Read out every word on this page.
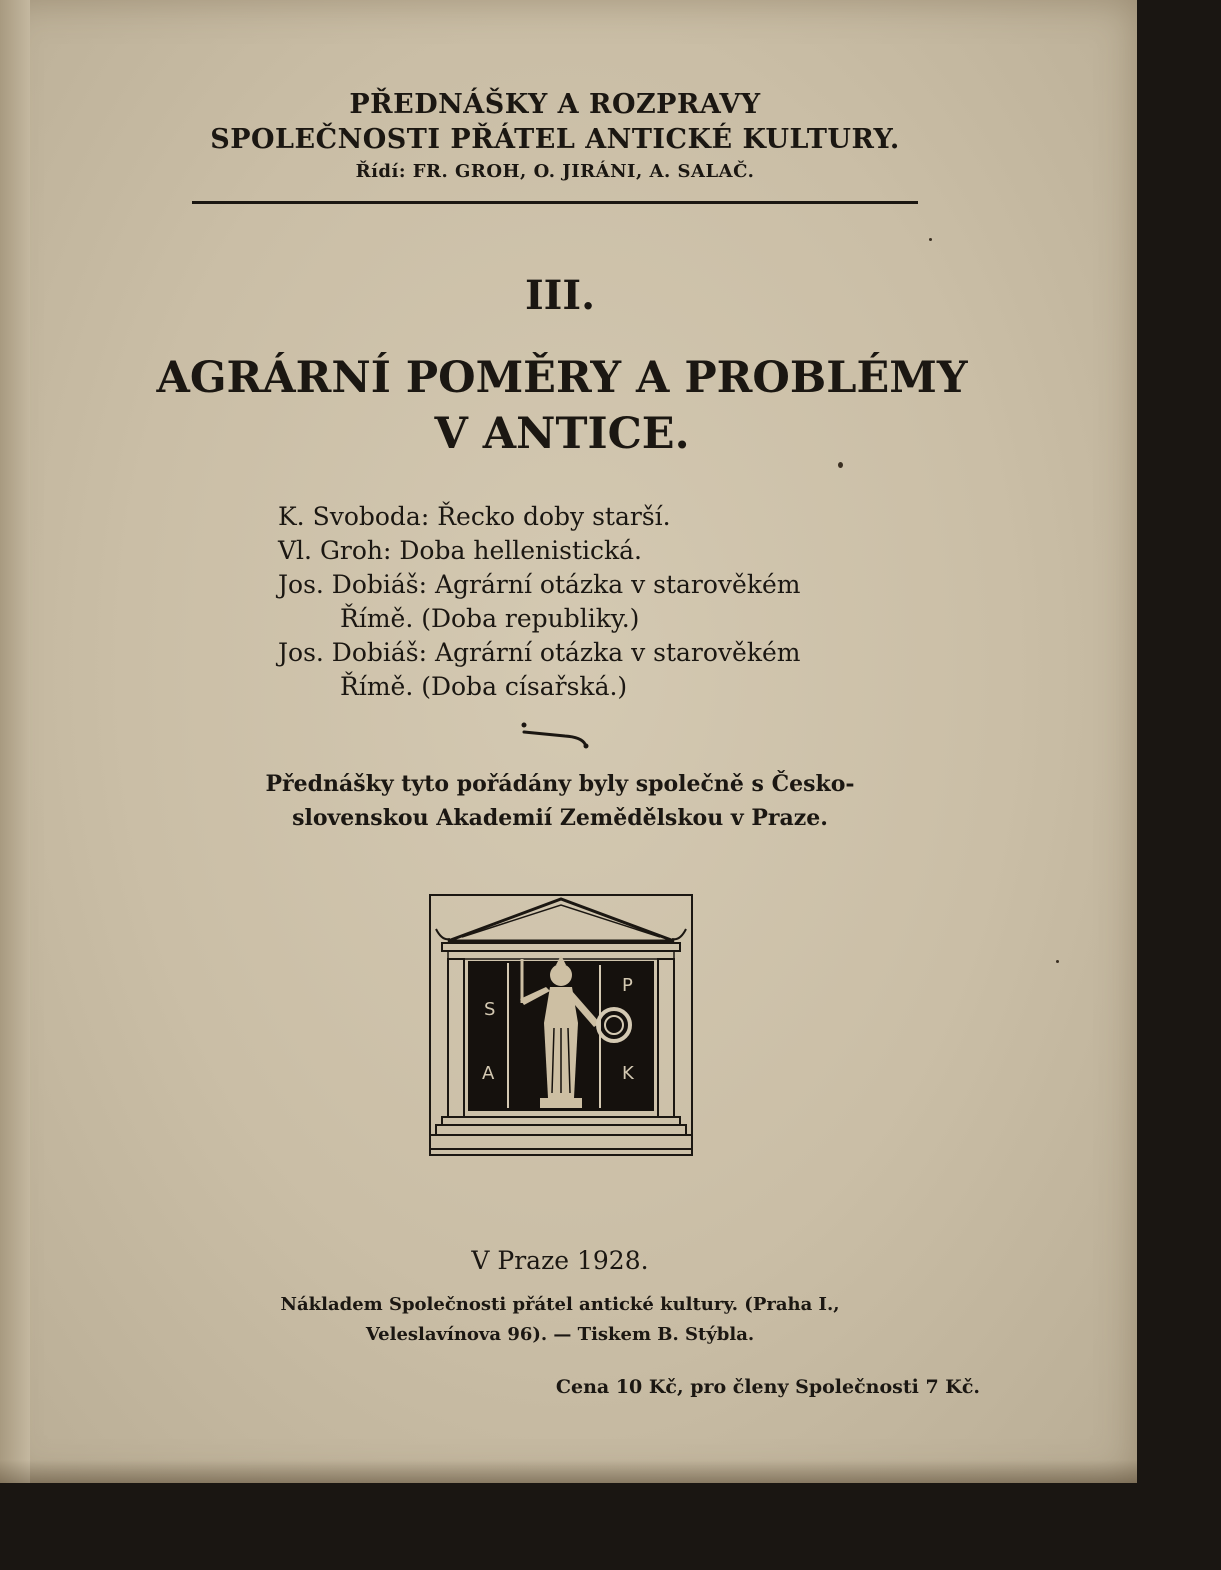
PŘEDNÁŠKY A ROZPRAVY
SPOLEČNOSTI PŘÁTEL ANTICKÉ KULTURY.
Řídí: FR. GROH, O. JIRÁNI, A. SALAČ.
III.
AGRÁRNÍ POMĚRY A PROBLÉMY
V ANTICE.
K. Svoboda: Řecko doby starší.
Vl. Groh: Doba hellenistická.
Jos. Dobiáš: Agrární otázka v starověkém
Římě. (Doba republiky.)
Jos. Dobiáš: Agrární otázka v starověkém
Římě. (Doba císařská.)
Přednášky tyto pořádány byly společně s Česko-
slovenskou Akademií Zemědělskou v Praze.
S
P
A	K
V Praze 1928.
Nákladem Společnosti přátel antické kultury. (Praha I.,
Veleslavínova 96). — Tiskem B. Stýbla.
Cena 10 Kč, pro členy Společnosti 7 Kč.
